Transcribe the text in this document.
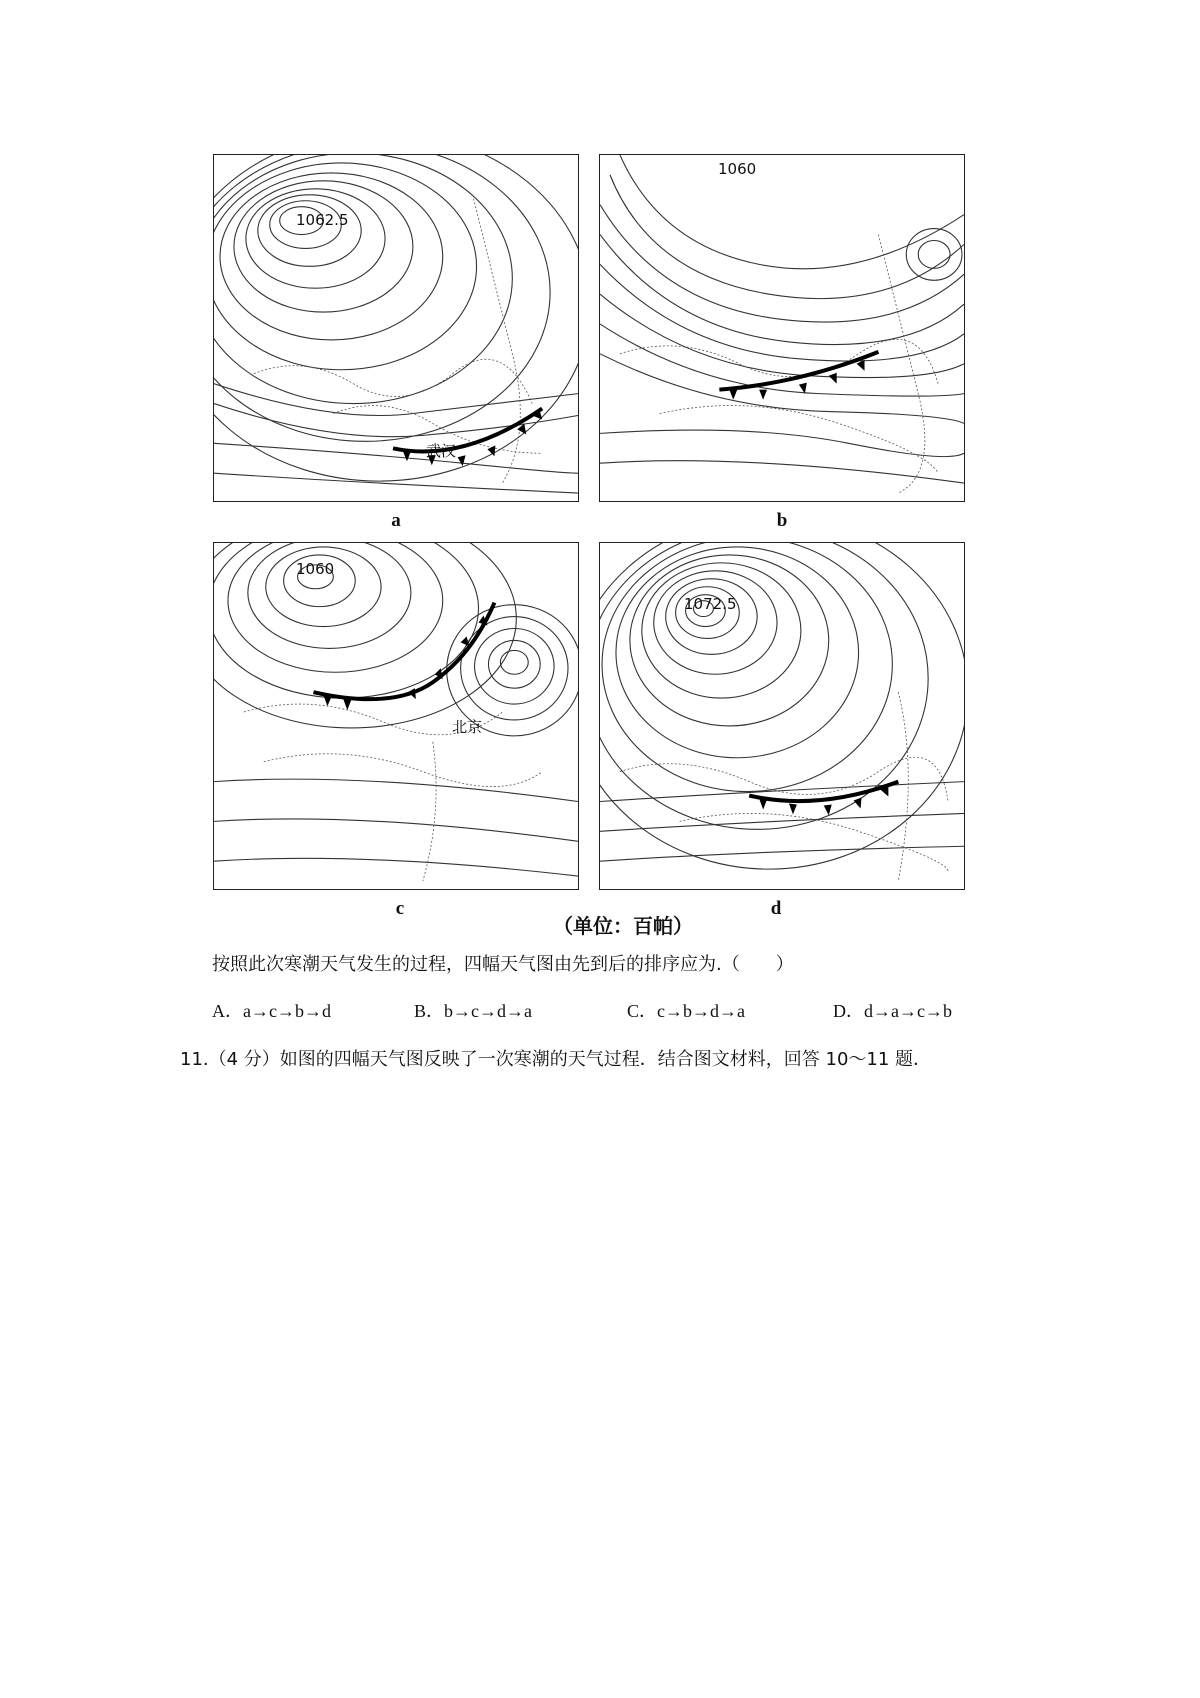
1062.5
武汉
a
1060
b
1060
北京
c
1072.5
d
（单位：百帕）
按照此次寒潮天气发生的过程，四幅天气图由先到后的排序应为.（　　）
A．a→c→b→d	B．b→c→d→a	C．c→b→d→a	D．d→a→c→b
11.（4 分）如图的四幅天气图反映了一次寒潮的天气过程．结合图文材料，回答 10～11 题．
